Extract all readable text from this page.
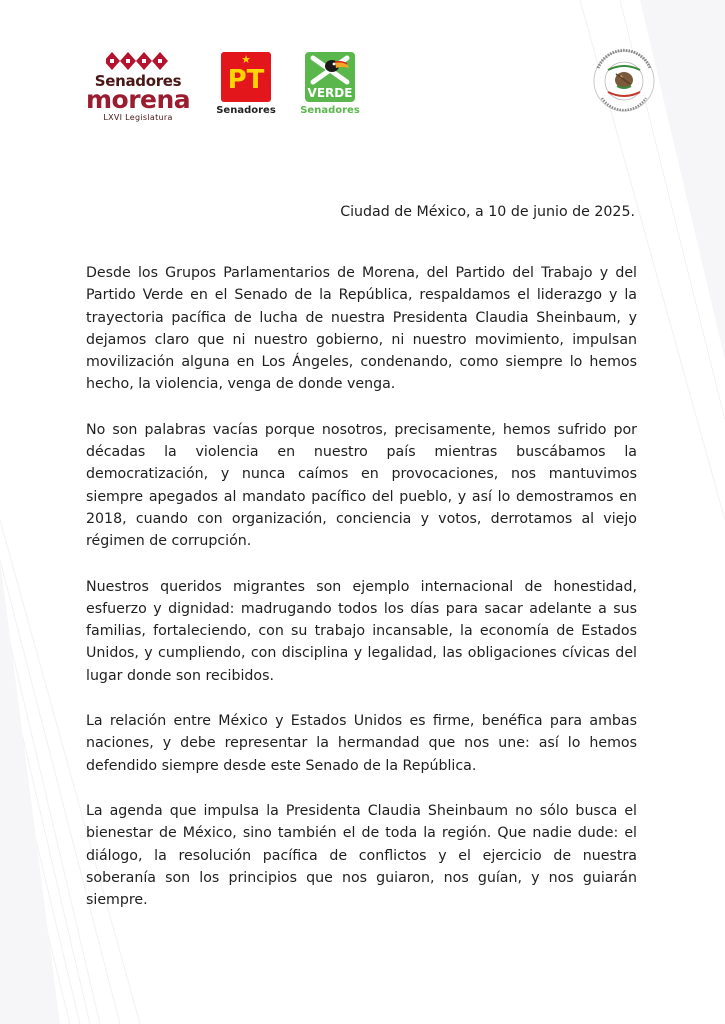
Senadores
morena
LXVI Legislatura
★
PT
Senadores
VERDE
Senadores
Ciudad de México, a 10 de junio de 2025.

Desde los Grupos Parlamentarios de Morena, del Partido del Trabajo y del Partido Verde en el Senado de la República, respaldamos el liderazgo y la trayectoria pacífica de lucha de nuestra Presidenta Claudia Sheinbaum, y dejamos claro que ni nuestro gobierno, ni nuestro movimiento, impulsan movilización alguna en Los Ángeles, condenando, como siempre lo hemos hecho, la violencia, venga de donde venga.

No son palabras vacías porque nosotros, precisamente, hemos sufrido por décadas la violencia en nuestro país mientras buscábamos la democratización, y nunca caímos en provocaciones, nos mantuvimos siempre apegados al mandato pacífico del pueblo, y así lo demostramos en 2018, cuando con organización, conciencia y votos, derrotamos al viejo régimen de corrupción.

Nuestros queridos migrantes son ejemplo internacional de honestidad, esfuerzo y dignidad: madrugando todos los días para sacar adelante a sus familias, fortaleciendo, con su trabajo incansable, la economía de Estados Unidos, y cumpliendo, con disciplina y legalidad, las obligaciones cívicas del lugar donde son recibidos.

La relación entre México y Estados Unidos es firme, benéfica para ambas naciones, y debe representar la hermandad que nos une: así lo hemos defendido siempre desde este Senado de la República.

La agenda que impulsa la Presidenta Claudia Sheinbaum no sólo busca el bienestar de México, sino también el de toda la región. Que nadie dude: el diálogo, la resolución pacífica de conflictos y el ejercicio de nuestra soberanía son los principios que nos guiaron, nos guían, y nos guiarán siempre.
